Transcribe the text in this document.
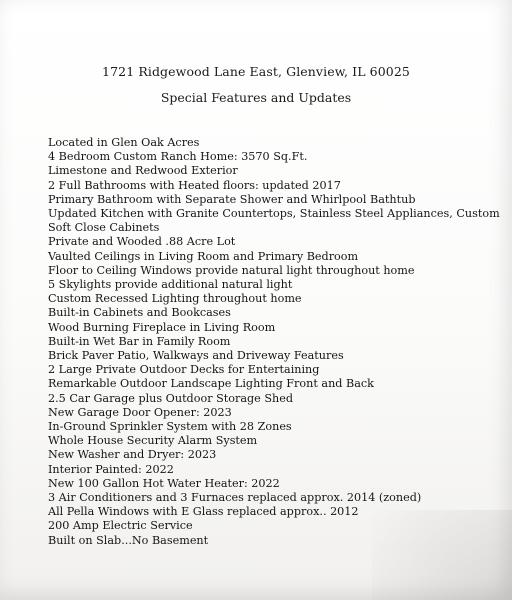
1721 Ridgewood Lane East, Glenview, IL 60025
Special Features and Updates
Located in Glen Oak Acres
4 Bedroom Custom Ranch Home: 3570 Sq.Ft.
Limestone and Redwood Exterior
2 Full Bathrooms with Heated floors: updated 2017
Primary Bathroom with Separate Shower and Whirlpool Bathtub
Updated Kitchen with Granite Countertops, Stainless Steel Appliances, Custom Soft Close Cabinets
Private and Wooded .88 Acre Lot
Vaulted Ceilings in Living Room and Primary Bedroom
Floor to Ceiling Windows provide natural light throughout home
5 Skylights provide additional natural light
Custom Recessed Lighting throughout home
Built-in Cabinets and Bookcases
Wood Burning Fireplace in Living Room
Built-in Wet Bar in Family Room
Brick Paver Patio, Walkways and Driveway Features
2 Large Private Outdoor Decks for Entertaining
Remarkable Outdoor Landscape Lighting Front and Back
2.5 Car Garage plus Outdoor Storage Shed
New Garage Door Opener: 2023
In-Ground Sprinkler System with 28 Zones
Whole House Security Alarm System
New Washer and Dryer: 2023
Interior Painted: 2022
New 100 Gallon Hot Water Heater: 2022
3 Air Conditioners and 3 Furnaces replaced approx. 2014 (zoned)
All Pella Windows with E Glass replaced approx.. 2012
200 Amp Electric Service
Built on Slab...No Basement
